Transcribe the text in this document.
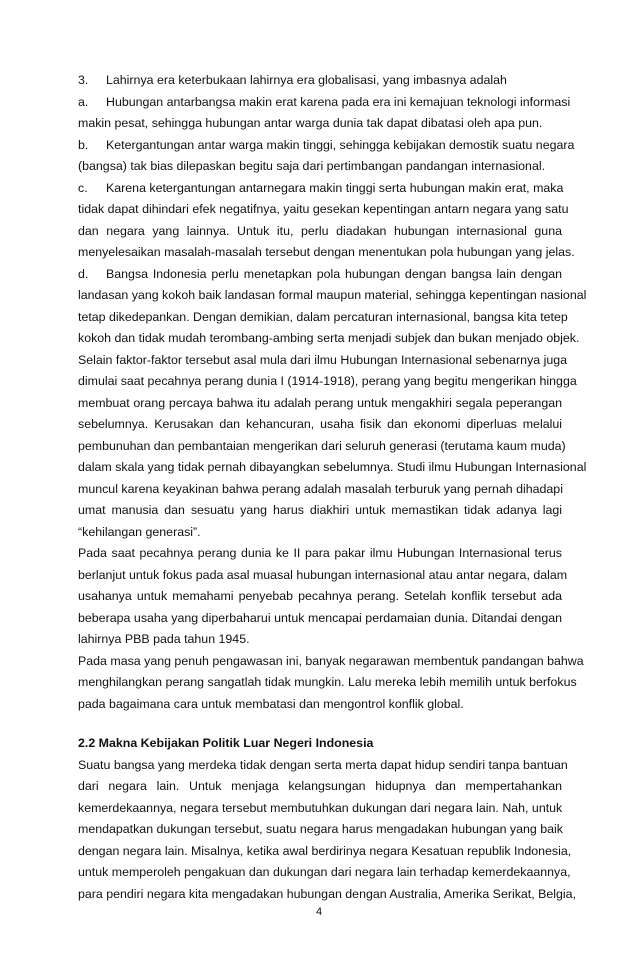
3. Lahirnya era keterbukaan lahirnya era globalisasi, yang imbasnya adalah
a. Hubungan antarbangsa makin erat karena pada era ini kemajuan teknologi informasi
makin pesat, sehingga hubungan antar warga dunia tak dapat dibatasi oleh apa pun.
b. Ketergantungan antar warga makin tinggi, sehingga kebijakan demostik suatu negara
(bangsa) tak bias dilepaskan begitu saja dari pertimbangan pandangan internasional.
c. Karena ketergantungan antarnegara makin tinggi serta hubungan makin erat, maka
tidak dapat dihindari efek negatifnya, yaitu gesekan kepentingan antarn negara yang satu
dan negara yang lainnya. Untuk itu, perlu diadakan hubungan internasional guna
menyelesaikan masalah-masalah tersebut dengan menentukan pola hubungan yang jelas.
d. Bangsa Indonesia perlu menetapkan pola hubungan dengan bangsa lain dengan
landasan yang kokoh baik landasan formal maupun material, sehingga kepentingan nasional
tetap dikedepankan. Dengan demikian, dalam percaturan internasional, bangsa kita tetep
kokoh dan tidak mudah terombang-ambing serta menjadi subjek dan bukan menjado objek.
Selain faktor-faktor tersebut asal mula dari ilmu Hubungan Internasional sebenarnya juga
dimulai saat pecahnya perang dunia I (1914-1918), perang yang begitu mengerikan hingga
membuat orang percaya bahwa itu adalah perang untuk mengakhiri segala peperangan
sebelumnya. Kerusakan dan kehancuran, usaha fisik dan ekonomi diperluas melalui
pembunuhan dan pembantaian mengerikan dari seluruh generasi (terutama kaum muda)
dalam skala yang tidak pernah dibayangkan sebelumnya. Studi ilmu Hubungan Internasional
muncul karena keyakinan bahwa perang adalah masalah terburuk yang pernah dihadapi
umat manusia dan sesuatu yang harus diakhiri untuk memastikan tidak adanya lagi
“kehilangan generasi”.
Pada saat pecahnya perang dunia ke II para pakar ilmu Hubungan Internasional terus
berlanjut untuk fokus pada asal muasal hubungan internasional atau antar negara, dalam
usahanya untuk memahami penyebab pecahnya perang. Setelah konflik tersebut ada
beberapa usaha yang diperbaharui untuk mencapai perdamaian dunia. Ditandai dengan
lahirnya PBB pada tahun 1945.
Pada masa yang penuh pengawasan ini, banyak negarawan membentuk pandangan bahwa
menghilangkan perang sangatlah tidak mungkin. Lalu mereka lebih memilih untuk berfokus
pada bagaimana cara untuk membatasi dan mengontrol konflik global.
2.2 Makna Kebijakan Politik Luar Negeri Indonesia
Suatu bangsa yang merdeka tidak dengan serta merta dapat hidup sendiri tanpa bantuan
dari negara lain. Untuk menjaga kelangsungan hidupnya dan mempertahankan
kemerdekaannya, negara tersebut membutuhkan dukungan dari negara lain. Nah, untuk
mendapatkan dukungan tersebut, suatu negara harus mengadakan hubungan yang baik
dengan negara lain. Misalnya, ketika awal berdirinya negara Kesatuan republik Indonesia,
untuk memperoleh pengakuan dan dukungan dari negara lain terhadap kemerdekaannya,
para pendiri negara kita mengadakan hubungan dengan Australia, Amerika Serikat, Belgia,
4
